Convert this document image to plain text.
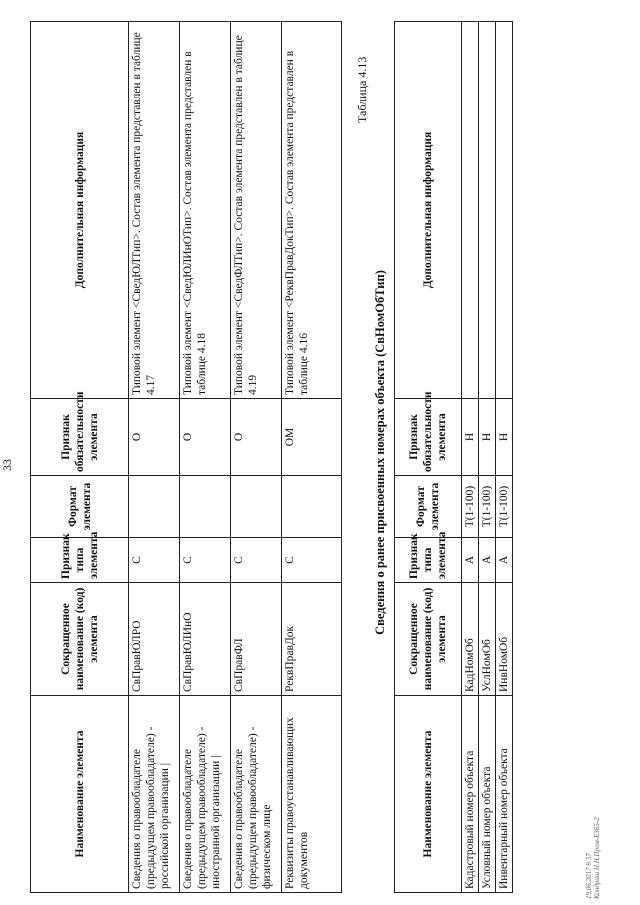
33
Наименование элемента	Сокращенное наименование (код) элемента	Признак типа элемента	Формат элемента	Признак обязательности элемента	Дополнительная информация
Сведения о правообладателе (предыдущем правообладателе) - российской организации |	СвПравЮЛРО	С		О	Типовой элемент <СведЮЛТип>. Состав элемента представлен в таблице 4.17
Сведения о правообладателе (предыдущем правообладателе) - иностранной организации |	СвПравЮЛИнО	С		О	Типовой элемент <СведЮЛИнОТип>. Состав элемента представлен в таблице 4.18
Сведения о правообладателе (предыдущем правообладателе) - физическом лице	СвПравФЛ	С		О	Типовой элемент <СведФЛТип>. Состав элемента представлен в таблице 4.19
Реквизиты правоустанавливающих документов	РеквПравДок	С		ОМ	Типовой элемент <РеквПравДокТип>. Состав элемента представлен в таблице 4.16
Таблица 4.13
Сведения о ранее присвоенных номерах объекта (СвНомОбТип)
Наименование элемента	Сокращенное наименование (код) элемента	Признак типа элемента	Формат элемента	Признак обязательности элемента	Дополнительная информация
Кадастровый номер объекта	КадНомОб	А	T(1-100)	Н	
Условный номер объекта	УслНомОб	А	T(1-100)	Н	
Инвентарный номер объекта	ИнвНомОб	А	T(1-100)	Н	
19.06.2017 9:57 Кондраш Н.Н.Пром-ЕЗ65-2
